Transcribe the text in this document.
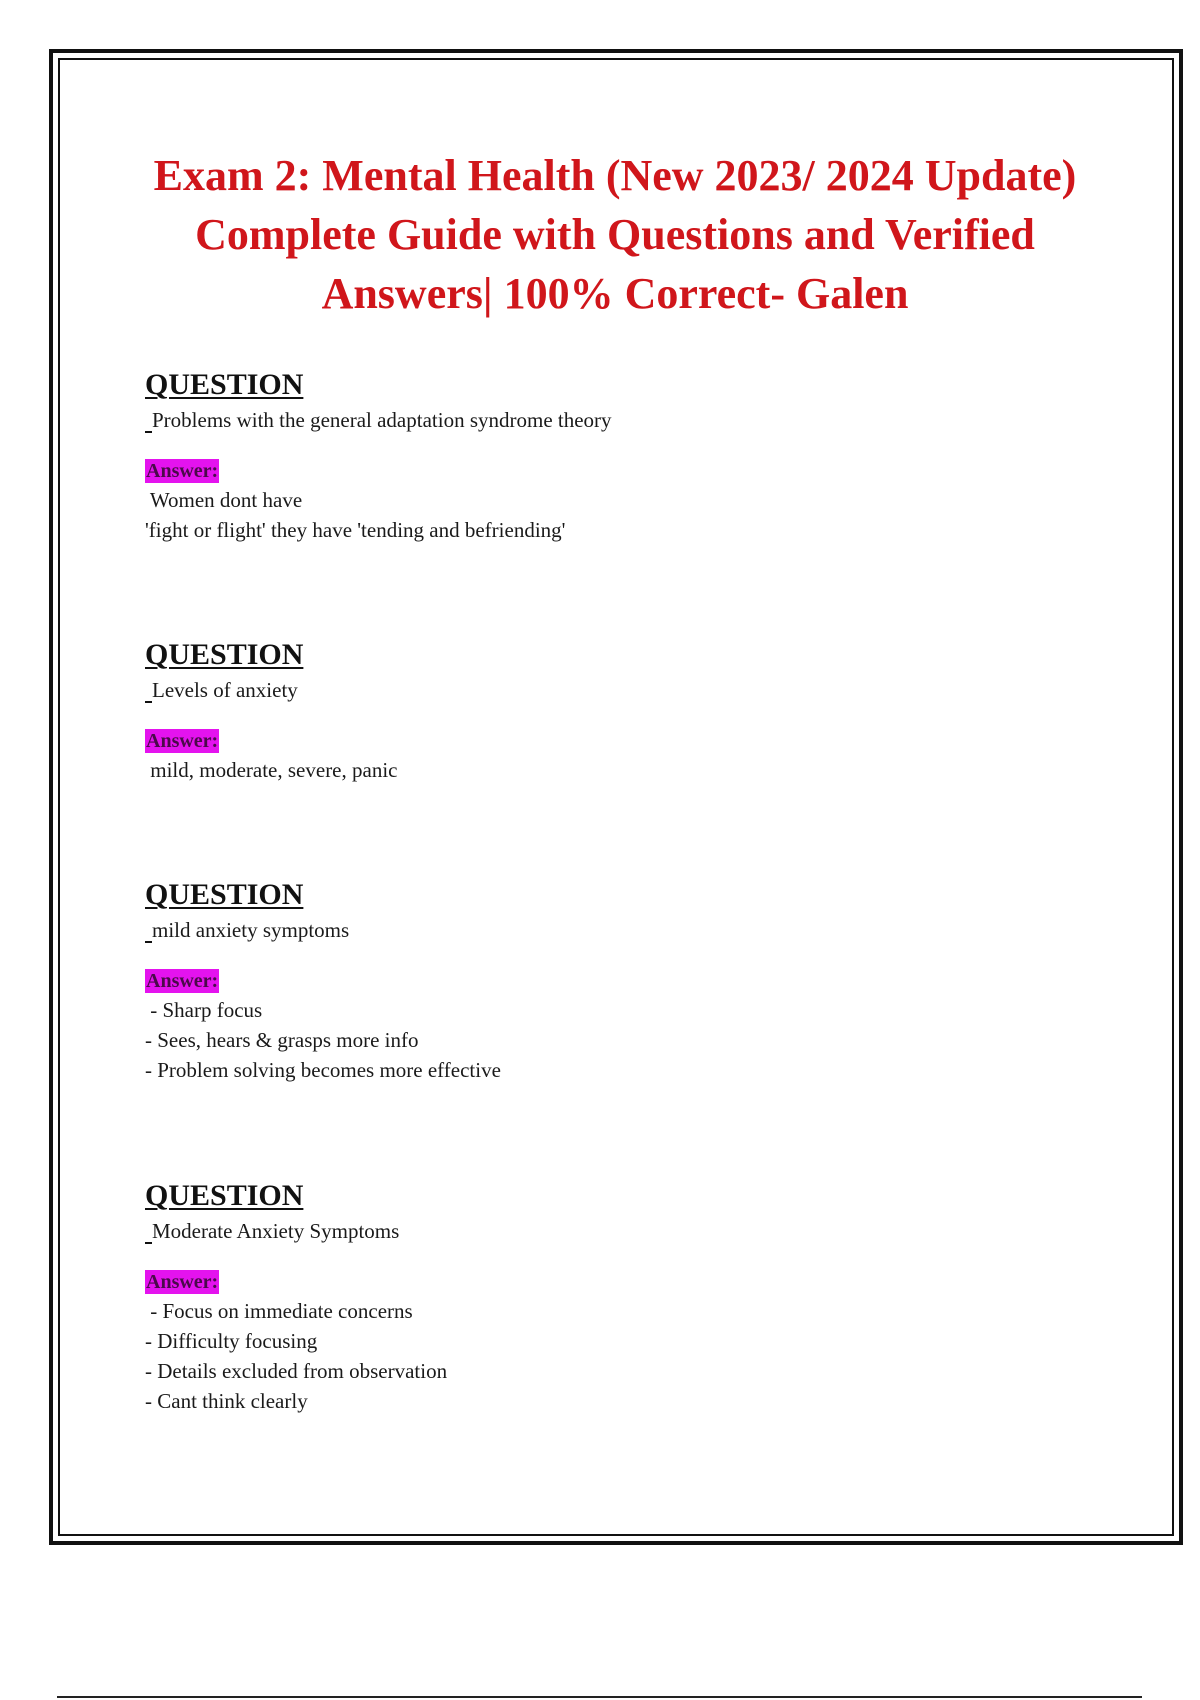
Exam 2: Mental Health (New 2023/ 2024 Update) Complete Guide with Questions and Verified Answers| 100% Correct- Galen
QUESTION
Problems with the general adaptation syndrome theory
Answer:
Women dont have
'fight or flight' they have 'tending and befriending'
QUESTION
Levels of anxiety
Answer:
mild, moderate, severe, panic
QUESTION
mild anxiety symptoms
Answer:
- Sharp focus
- Sees, hears & grasps more info
- Problem solving becomes more effective
QUESTION
Moderate Anxiety Symptoms
Answer:
- Focus on immediate concerns
- Difficulty focusing
- Details excluded from observation
- Cant think clearly
